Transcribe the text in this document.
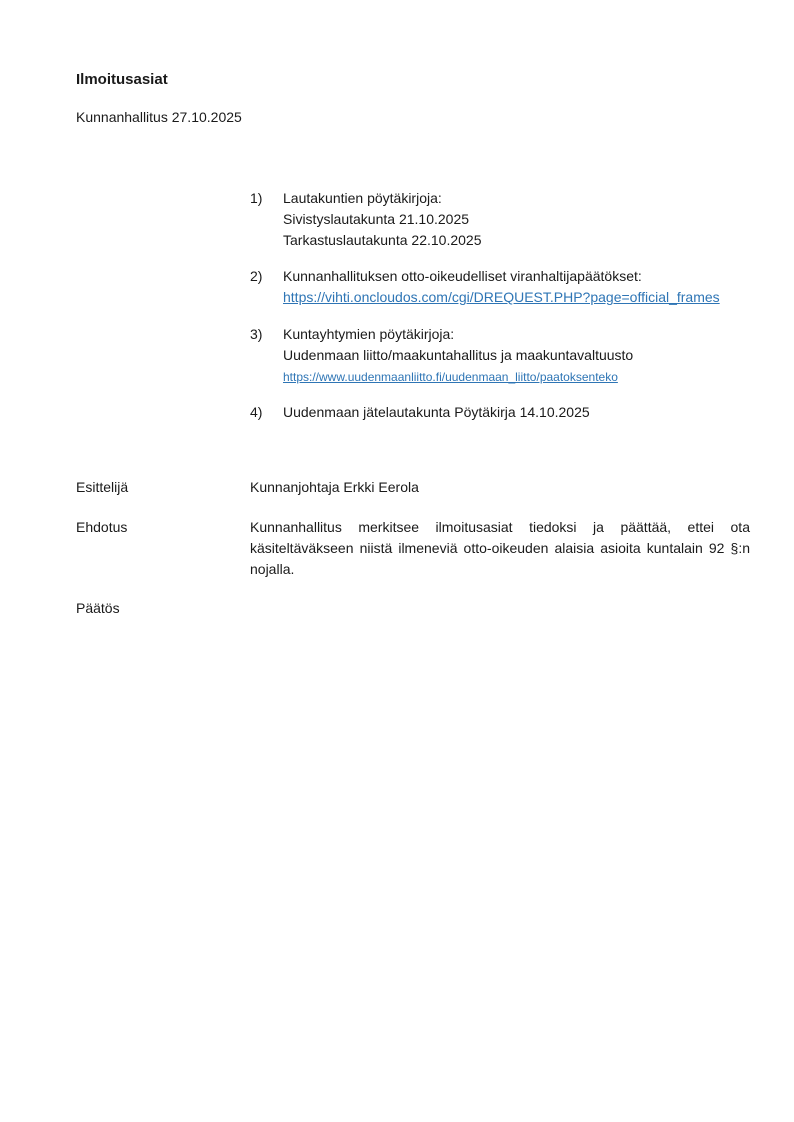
Ilmoitusasiat
Kunnanhallitus 27.10.2025
1)	Lautakuntien pöytäkirjoja:
Sivistyslautakunta 21.10.2025
Tarkastuslautakunta 22.10.2025
2)	Kunnanhallituksen otto-oikeudelliset viranhaltijapäätökset:
https://vihti.oncloudos.com/cgi/DREQUEST.PHP?page=official_frames
3)	Kuntayhtymien pöytäkirjoja:
Uudenmaan liitto/maakuntahallitus ja maakuntavaltuusto
https://www.uudenmaanliitto.fi/uudenmaan_liitto/paatoksenteko
4)	Uudenmaan jätelautakunta Pöytäkirja 14.10.2025
Esittelijä	Kunnanjohtaja Erkki Eerola
Ehdotus	Kunnanhallitus merkitsee ilmoitusasiat tiedoksi ja päättää, ettei ota käsiteltäväkseen niistä ilmeneviä otto-oikeuden alaisia asioita kuntalain 92 §:n nojalla.
Päätös
